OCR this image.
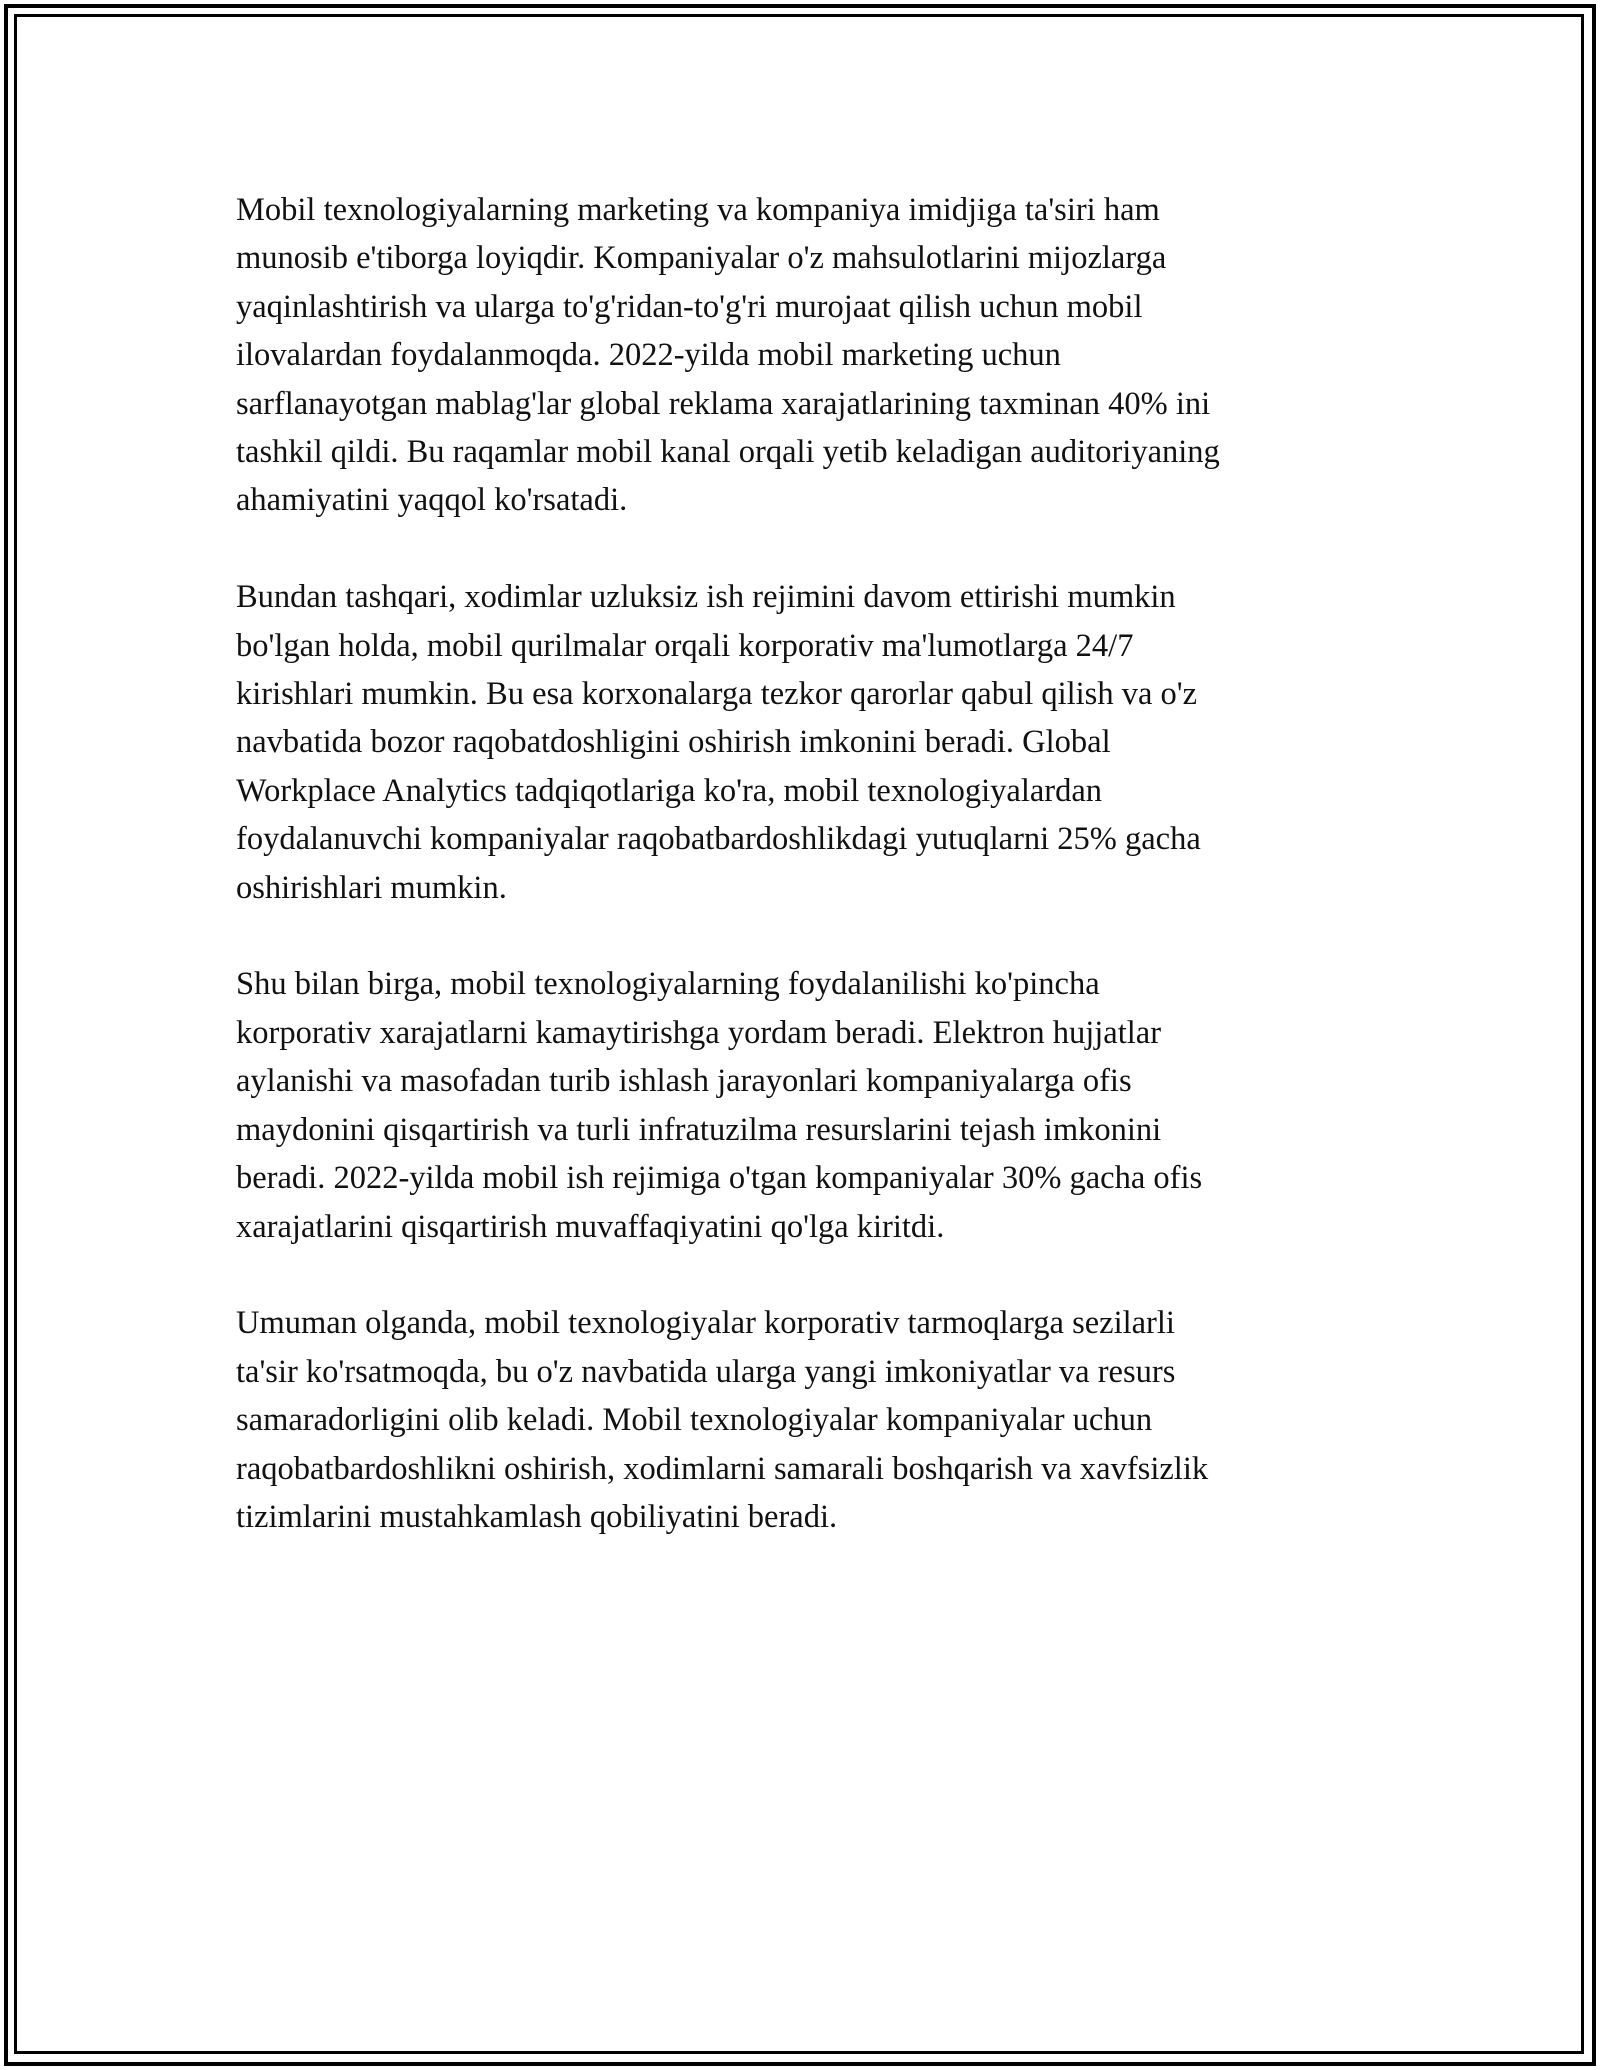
Mobil texnologiyalarning marketing va kompaniya imidjiga ta'siri ham
munosib e'tiborga loyiqdir. Kompaniyalar o'z mahsulotlarini mijozlarga
yaqinlashtirish va ularga to'g'ridan-to'g'ri murojaat qilish uchun mobil
ilovalardan foydalanmoqda. 2022-yilda mobil marketing uchun
sarflanayotgan mablag'lar global reklama xarajatlarining taxminan 40% ini
tashkil qildi. Bu raqamlar mobil kanal orqali yetib keladigan auditoriyaning
ahamiyatini yaqqol ko'rsatadi.

Bundan tashqari, xodimlar uzluksiz ish rejimini davom ettirishi mumkin
bo'lgan holda, mobil qurilmalar orqali korporativ ma'lumotlarga 24/7
kirishlari mumkin. Bu esa korxonalarga tezkor qarorlar qabul qilish va o'z
navbatida bozor raqobatdoshligini oshirish imkonini beradi. Global
Workplace Analytics tadqiqotlariga ko'ra, mobil texnologiyalardan
foydalanuvchi kompaniyalar raqobatbardoshlikdagi yutuqlarni 25% gacha
oshirishlari mumkin.

Shu bilan birga, mobil texnologiyalarning foydalanilishi ko'pincha
korporativ xarajatlarni kamaytirishga yordam beradi. Elektron hujjatlar
aylanishi va masofadan turib ishlash jarayonlari kompaniyalarga ofis
maydonini qisqartirish va turli infratuzilma resurslarini tejash imkonini
beradi. 2022-yilda mobil ish rejimiga o'tgan kompaniyalar 30% gacha ofis
xarajatlarini qisqartirish muvaffaqiyatini qo'lga kiritdi.

Umuman olganda, mobil texnologiyalar korporativ tarmoqlarga sezilarli
ta'sir ko'rsatmoqda, bu o'z navbatida ularga yangi imkoniyatlar va resurs
samaradorligini olib keladi. Mobil texnologiyalar kompaniyalar uchun
raqobatbardoshlikni oshirish, xodimlarni samarali boshqarish va xavfsizlik
tizimlarini mustahkamlash qobiliyatini beradi.
